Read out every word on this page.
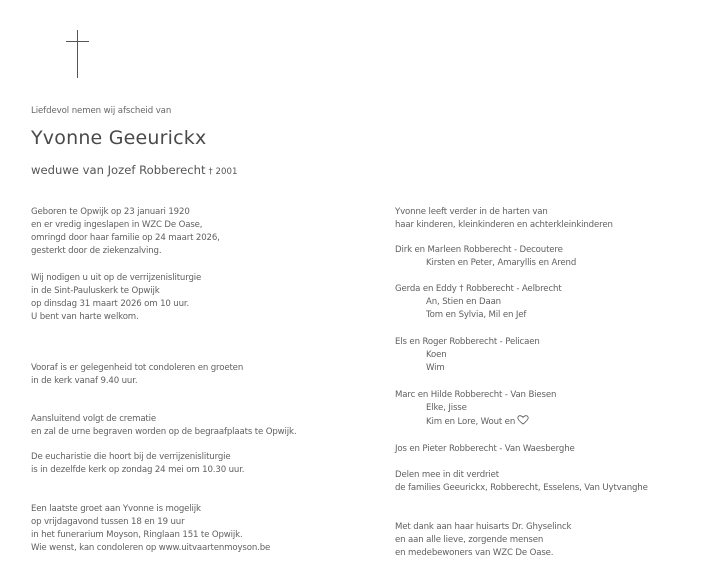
Liefdevol nemen wij afscheid van
Yvonne Geeurickx
weduwe van Jozef Robberecht † 2001

Geboren te Opwijk op 23 januari 1920

en er vredig ingeslapen in WZC De Oase,

omringd door haar familie op 24 maart 2026,

gesterkt door de ziekenzalving.

Wij nodigen u uit op de verrijzenisliturgie

in de Sint-Pauluskerk te Opwijk

op dinsdag 31 maart 2026 om 10 uur.

U bent van harte welkom.

Vooraf is er gelegenheid tot condoleren en groeten

in de kerk vanaf 9.40 uur.

Aansluitend volgt de crematie

en zal de urne begraven worden op de begraafplaats te Opwijk.

De eucharistie die hoort bij de verrijzenisliturgie

is in dezelfde kerk op zondag 24 mei om 10.30 uur.

Een laatste groet aan Yvonne is mogelijk

op vrijdagavond tussen 18 en 19 uur

in het funerarium Moyson, Ringlaan 151 te Opwijk.

Wie wenst, kan condoleren op www.uitvaartenmoyson.be

Yvonne leeft verder in de harten van

haar kinderen, kleinkinderen en achterkleinkinderen

Dirk en Marleen Robberecht - Decoutere

Kirsten en Peter, Amaryllis en Arend

Gerda en Eddy † Robberecht - Aelbrecht

An, Stien en Daan

Tom en Sylvia, Mil en Jef

Els en Roger Robberecht - Pelicaen

Koen

Wim

Marc en Hilde Robberecht - Van Biesen

Elke, Jisse

Kim en Lore, Wout en

Jos en Pieter Robberecht - Van Waesberghe

Delen mee in dit verdriet

de families Geeurickx, Robberecht, Esselens, Van Uytvanghe

Met dank aan haar huisarts Dr. Ghyselinck

en aan alle lieve, zorgende mensen

en medebewoners van WZC De Oase.
